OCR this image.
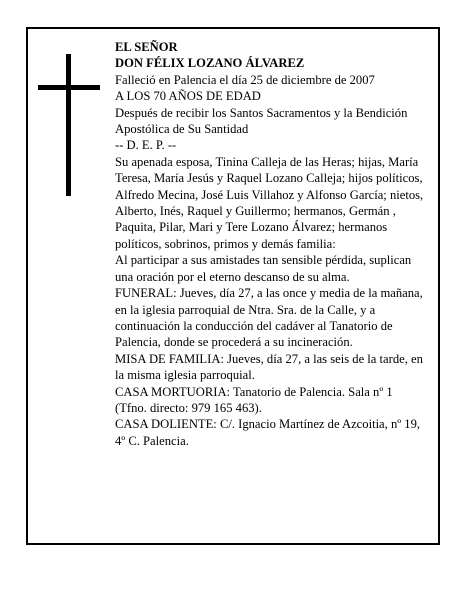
EL SEÑOR

DON FÉLIX LOZANO ÁLVAREZ

Falleció en Palencia el día 25 de diciembre de 2007

A LOS 70 AÑOS DE EDAD

Después de recibir los Santos Sacramentos y la Bendición Apostólica de Su Santidad

-- D. E. P. --

Su apenada esposa, Tinina Calleja de las Heras; hijas, María Teresa, María Jesús y Raquel Lozano Calleja; hijos políticos, Alfredo Mecina, José Luis Villahoz y Alfonso García; nietos, Alberto, Inés, Raquel y Guillermo; hermanos, Germán , Paquita, Pilar, Mari y Tere Lozano Álvarez; hermanos políticos, sobrinos, primos y demás familia:

Al participar a sus amistades tan sensible pérdida, suplican una oración por el eterno descanso de su alma.

FUNERAL: Jueves, día 27, a las once y media de la mañana, en la iglesia parroquial de Ntra. Sra. de la Calle, y a continuación la conducción del cadáver al Tanatorio de Palencia, donde se procederá a su incineración.

MISA DE FAMILIA: Jueves, día 27, a las seis de la tarde, en la misma iglesia parroquial.

CASA MORTUORIA: Tanatorio de Palencia. Sala nº 1 (Tfno. directo: 979 165 463).

CASA DOLIENTE: C/. Ignacio Martínez de Azcoitia, nº 19, 4º C. Palencia.
